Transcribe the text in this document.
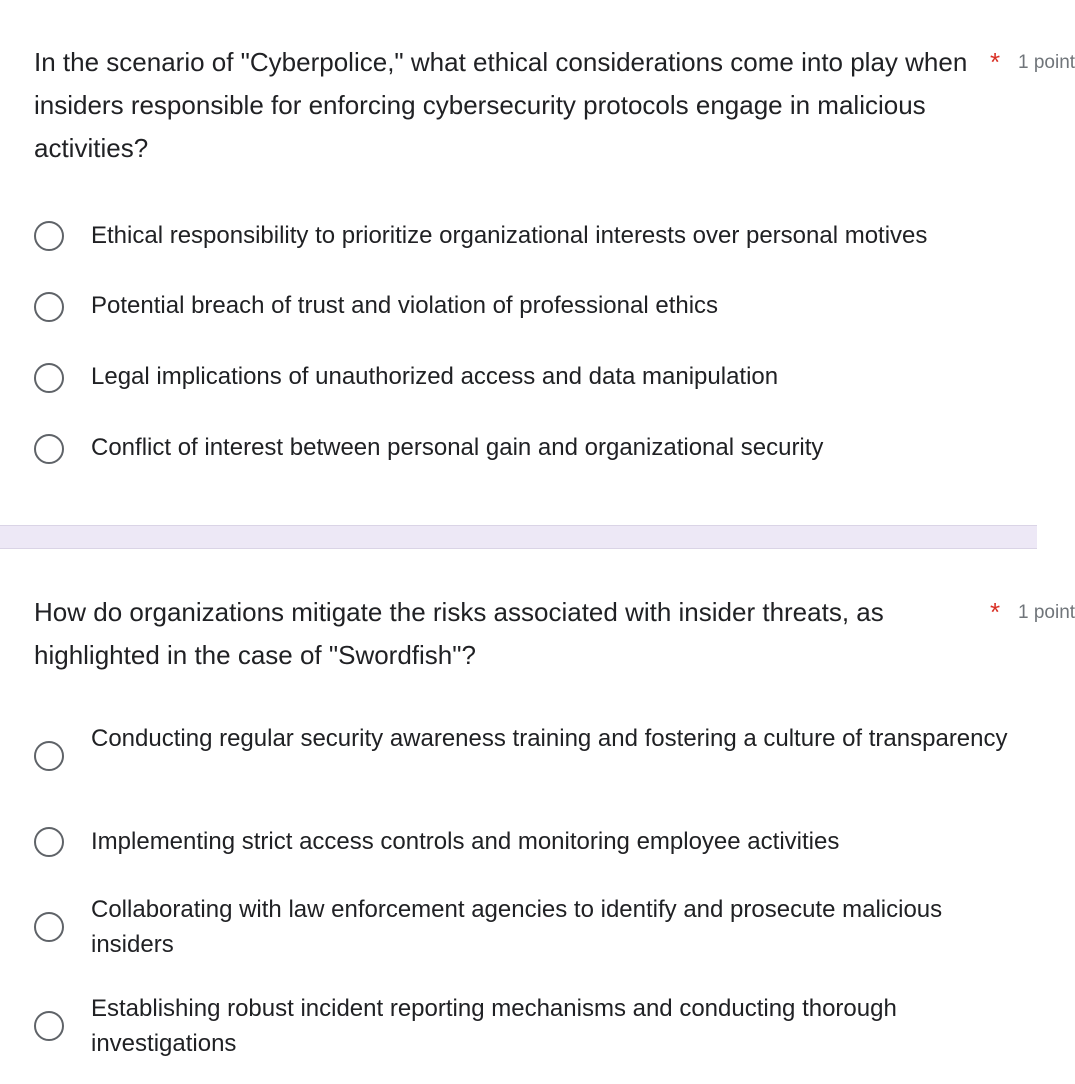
In the scenario of "Cyberpolice," what ethical considerations come into play when insiders responsible for enforcing cybersecurity protocols engage in malicious activities?
* 1 point
Ethical responsibility to prioritize organizational interests over personal motives
Potential breach of trust and violation of professional ethics
Legal implications of unauthorized access and data manipulation
Conflict of interest between personal gain and organizational security
How do organizations mitigate the risks associated with insider threats, as highlighted in the case of "Swordfish"?
* 1 point
Conducting regular security awareness training and fostering a culture of transparency
Implementing strict access controls and monitoring employee activities
Collaborating with law enforcement agencies to identify and prosecute malicious insiders
Establishing robust incident reporting mechanisms and conducting thorough investigations
